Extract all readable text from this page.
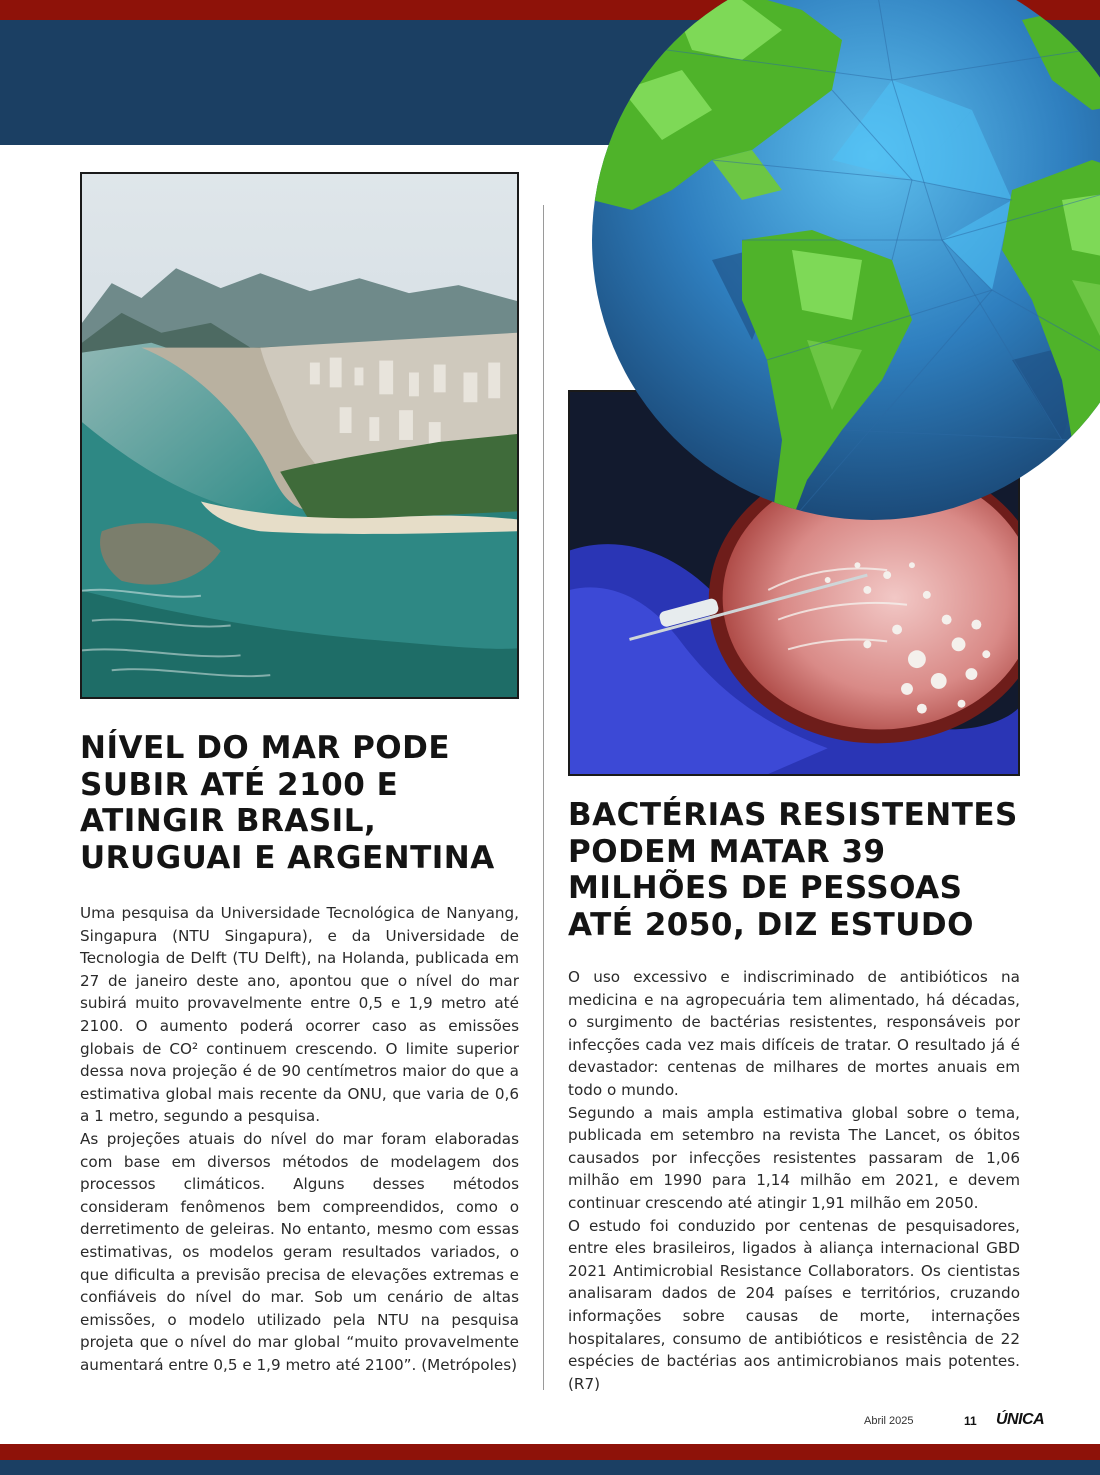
NÍVEL DO MAR PODE SUBIR ATÉ 2100 E ATINGIR BRASIL, URUGUAI E ARGENTINA

Uma pesquisa da Universidade Tecnológica de Nanyang, Singapura (NTU Singapura), e da Universidade de Tecnologia de Delft (TU Delft), na Holanda, publicada em 27 de janeiro deste ano, apontou que o nível do mar subirá muito provavelmente entre 0,5 e 1,9 metro até 2100. O aumento poderá ocorrer caso as emissões globais de CO² continuem crescendo. O limite superior dessa nova projeção é de 90 centímetros maior do que a estimativa global mais recente da ONU, que varia de 0,6 a 1 metro, segundo a pesquisa.

As projeções atuais do nível do mar foram elaboradas com base em diversos métodos de modelagem dos processos climáticos. Alguns desses métodos consideram fenômenos bem compreendidos, como o derretimento de geleiras. No entanto, mesmo com essas estimativas, os modelos geram resultados variados, o que dificulta a previsão precisa de elevações extremas e confiáveis do nível do mar. Sob um cenário de altas emissões, o modelo utilizado pela NTU na pesquisa projeta que o nível do mar global “muito provavelmente aumentará entre 0,5 e 1,9 metro até 2100”. (Metrópoles)

BACTÉRIAS RESISTENTES PODEM MATAR 39 MILHÕES DE PESSOAS ATÉ 2050, DIZ ESTUDO

O uso excessivo e indiscriminado de antibióticos na medicina e na agropecuária tem alimentado, há décadas, o surgimento de bactérias resistentes, responsáveis por infecções cada vez mais difíceis de tratar. O resultado já é devastador: centenas de milhares de mortes anuais em todo o mundo.

Segundo a mais ampla estimativa global sobre o tema, publicada em setembro na revista The Lancet, os óbitos causados por infecções resistentes passaram de 1,06 milhão em 1990 para 1,14 milhão em 2021, e devem continuar crescendo até atingir 1,91 milhão em 2050.

O estudo foi conduzido por centenas de pesquisadores, entre eles brasileiros, ligados à aliança internacional GBD 2021 Antimicrobial Resistance Collaborators. Os cientistas analisaram dados de 204 países e territórios, cruzando informações sobre causas de morte, internações hospitalares, consumo de antibióticos e resistência de 22 espécies de bactérias aos antimicrobianos mais potentes. (R7)

Abril 2025	11 ÚNICA
